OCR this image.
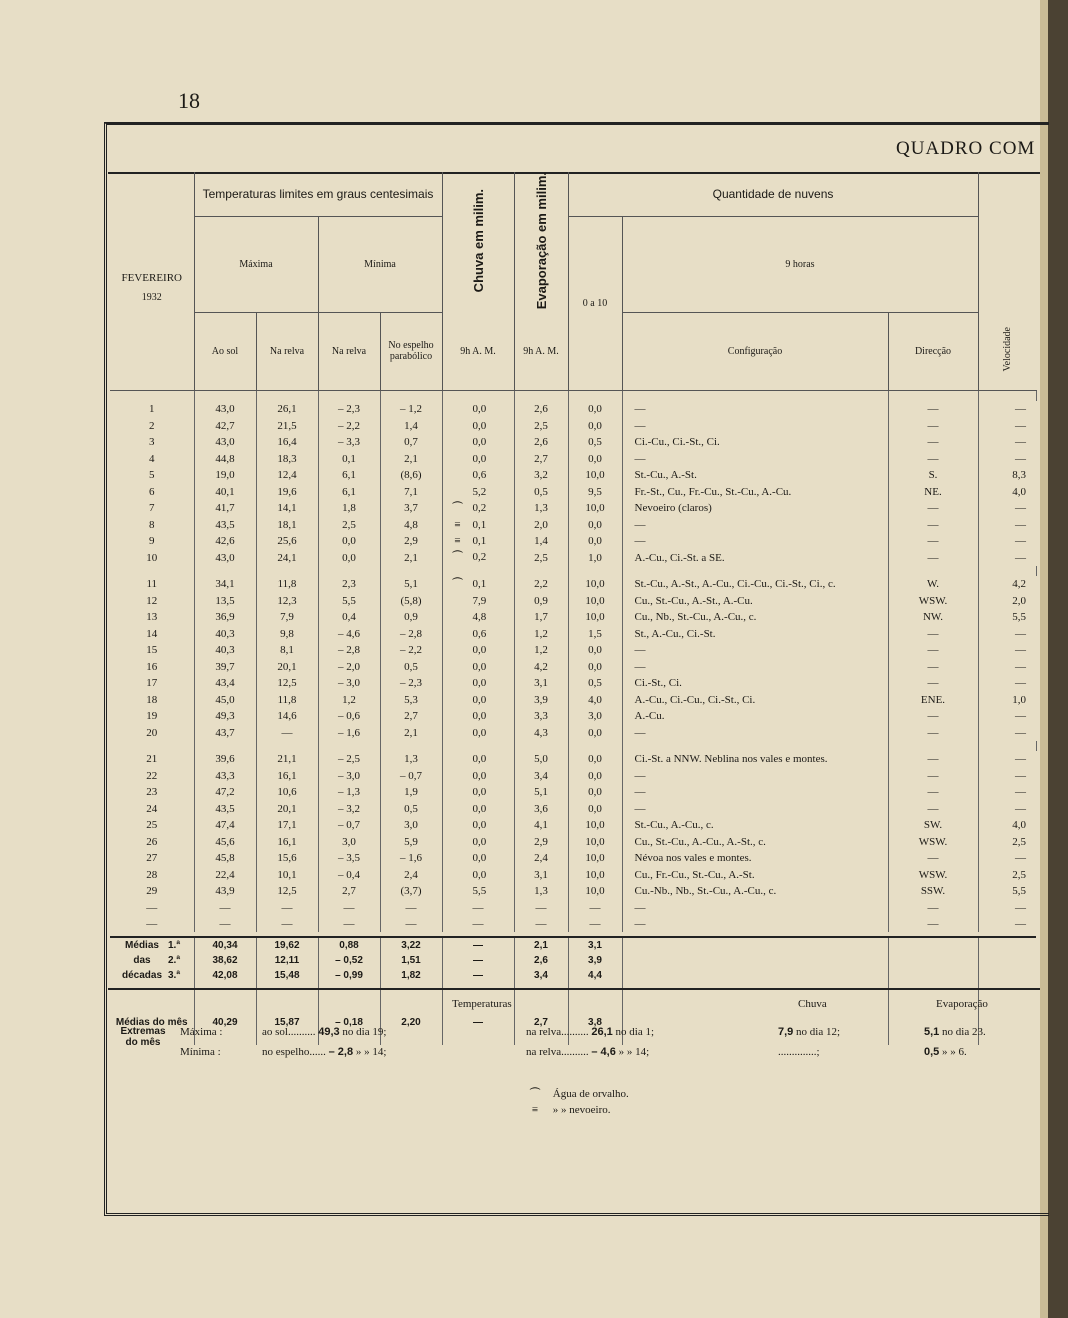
18
QUADRO COM
FEVEREIRO
1932	Temperaturas limites em graus centesimais				Chuva em milim.	Evaporação em milim.	Quantidade de nuvens			
	Máxima		Mínima				0 a 10	9 horas		
	Ao sol	Na relva	Na relva	No espelho parabólico	9h A. M.	9h A. M.		Configuração	Direcção	Velocidade

1	43,0	26,1	– 2,3	– 1,2	0,0	2,6	0,0	—	—	—
2	42,7	21,5	– 2,2	1,4	0,0	2,5	0,0	—	—	—
3	43,0	16,4	– 3,3	0,7	0,0	2,6	0,5	Ci.-Cu., Ci.-St., Ci.	—	—
4	44,8	18,3	0,1	2,1	0,0	2,7	0,0	—	—	—
5	19,0	12,4	6,1	(8,6)	0,6	3,2	10,0	St.-Cu., A.-St.	S.	8,3
6	40,1	19,6	6,1	7,1	5,2	0,5	9,5	Fr.-St., Cu., Fr.-Cu., St.-Cu., A.-Cu.	NE.	4,0
7	41,7	14,1	1,8	3,7	⏜ 0,2	1,3	10,0	Nevoeiro (claros)	—	—
8	43,5	18,1	2,5	4,8	≡ 0,1	2,0	0,0	—	—	—
9	42,6	25,6	0,0	2,9	≡ 0,1	1,4	0,0	—	—	—
10	43,0	24,1	0,0	2,1	⏜ 0,2	2,5	1,0	A.-Cu., Ci.-St. a SE.	—	—

11	34,1	11,8	2,3	5,1	⏜ 0,1	2,2	10,0	St.-Cu., A.-St., A.-Cu., Ci.-Cu., Ci.-St., Ci., c.	W.	4,2
12	13,5	12,3	5,5	(5,8)	7,9	0,9	10,0	Cu., St.-Cu., A.-St., A.-Cu.	WSW.	2,0
13	36,9	7,9	0,4	0,9	4,8	1,7	10,0	Cu., Nb., St.-Cu., A.-Cu., c.	NW.	5,5
14	40,3	9,8	– 4,6	– 2,8	0,6	1,2	1,5	St., A.-Cu., Ci.-St.	—	—
15	40,3	8,1	– 2,8	– 2,2	0,0	1,2	0,0	—	—	—
16	39,7	20,1	– 2,0	0,5	0,0	4,2	0,0	—	—	—
17	43,4	12,5	– 3,0	– 2,3	0,0	3,1	0,5	Ci.-St., Ci.	—	—
18	45,0	11,8	1,2	5,3	0,0	3,9	4,0	A.-Cu., Ci.-Cu., Ci.-St., Ci.	ENE.	1,0
19	49,3	14,6	– 0,6	2,7	0,0	3,3	3,0	A.-Cu.	—	—
20	43,7	—	– 1,6	2,1	0,0	4,3	0,0	—	—	—

21	39,6	21,1	– 2,5	1,3	0,0	5,0	0,0	Ci.-St. a NNW. Neblina nos vales e montes.	—	—
22	43,3	16,1	– 3,0	– 0,7	0,0	3,4	0,0	—	—	—
23	47,2	10,6	– 1,3	1,9	0,0	5,1	0,0	—	—	—
24	43,5	20,1	– 3,2	0,5	0,0	3,6	0,0	—	—	—
25	47,4	17,1	– 0,7	3,0	0,0	4,1	10,0	St.-Cu., A.-Cu., c.	SW.	4,0
26	45,6	16,1	3,0	5,9	0,0	2,9	10,0	Cu., St.-Cu., A.-Cu., A.-St., c.	WSW.	2,5
27	45,8	15,6	– 3,5	– 1,6	0,0	2,4	10,0	Névoa nos vales e montes.	—	—
28	22,4	10,1	– 0,4	2,4	0,0	3,1	10,0	Cu., Fr.-Cu., St.-Cu., A.-St.	WSW.	2,5
29	43,9	12,5	2,7	(3,7)	5,5	1,3	10,0	Cu.-Nb., Nb., St.-Cu., A.-Cu., c.	SSW.	5,5
—	—	—	—	—	—	—	—	—	—	—
—	—	—	—	—	—	—	—	—	—	—

Médias 1.ª	40,34	19,62	0,88	3,22	—	2,1	3,1			
das 2.ª	38,62	12,11	– 0,52	1,51	—	2,6	3,9			
décadas 3.ª	42,08	15,48	– 0,99	1,82	—	3,4	4,4			

Médias do mês	40,29	15,87	– 0,18	2,20	—	2,7	3,8			

Temperaturas	Chuva	Evaporação
Extremas do mês
Máxima :
Mínima :
ao sol.......... 49,3 no dia 19;	na relva.......... 26,1 no dia 1;	7,9 no dia 12;	5,1 no dia 23.
no espelho...... – 2,8 » » 14;	na relva.......... – 4,6 » » 14;	..............;	0,5 » » 6.
⏜ Água de orvalho.
≡ » » nevoeiro.
